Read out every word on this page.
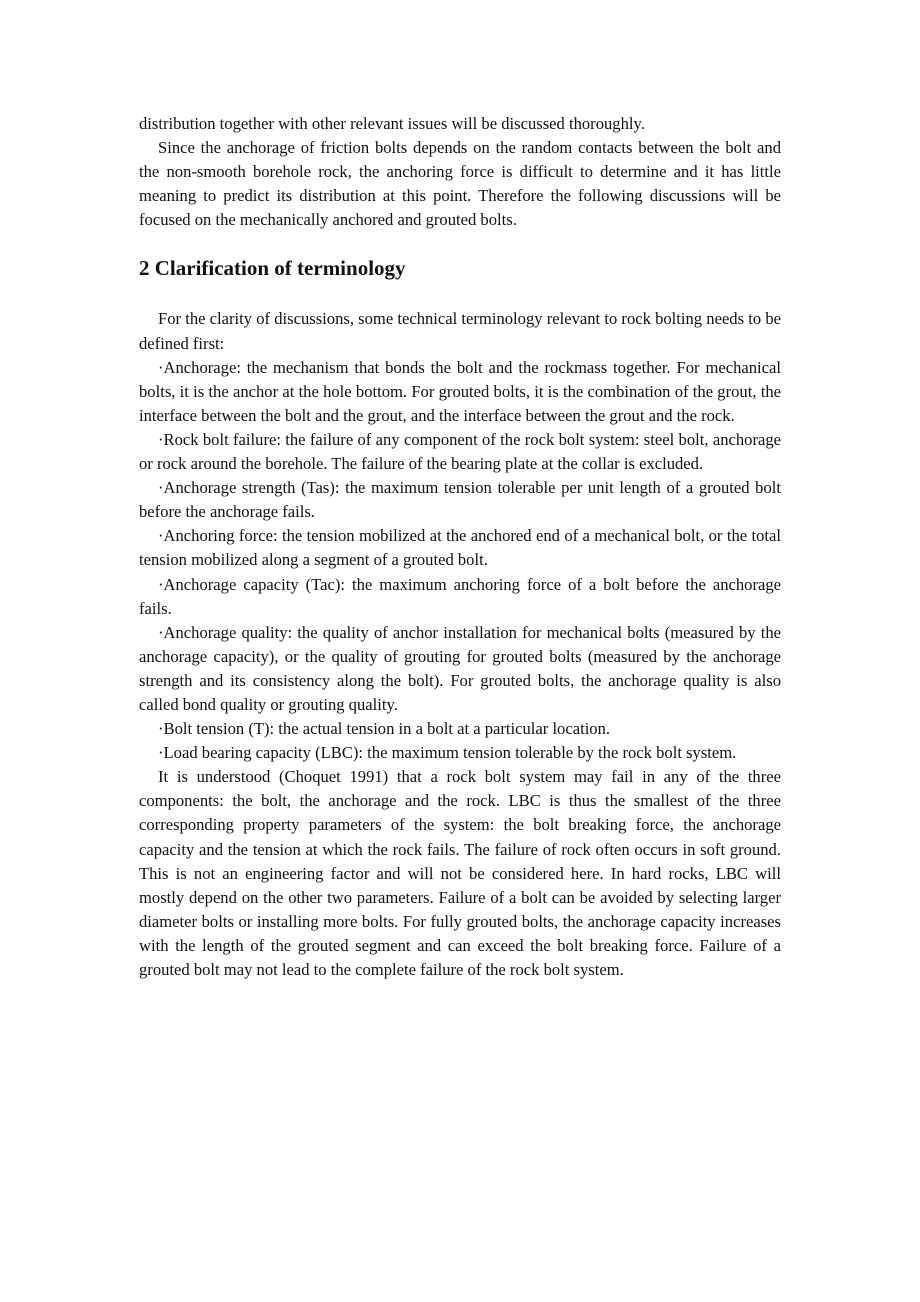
distribution together with other relevant issues will be discussed thoroughly.

Since the anchorage of friction bolts depends on the random contacts between the bolt and the non-smooth borehole rock, the anchoring force is difficult to determine and it has little meaning to predict its distribution at this point. Therefore the following discussions will be focused on the mechanically anchored and grouted bolts.

2 Clarification of terminology

For the clarity of discussions, some technical terminology relevant to rock bolting needs to be defined first:

·Anchorage: the mechanism that bonds the bolt and the rockmass together. For mechanical bolts, it is the anchor at the hole bottom. For grouted bolts, it is the combination of the grout, the interface between the bolt and the grout, and the interface between the grout and the rock.

·Rock bolt failure: the failure of any component of the rock bolt system: steel bolt, anchorage or rock around the borehole. The failure of the bearing plate at the collar is excluded.

·Anchorage strength (Tas): the maximum tension tolerable per unit length of a grouted bolt before the anchorage fails.

·Anchoring force: the tension mobilized at the anchored end of a mechanical bolt, or the total tension mobilized along a segment of a grouted bolt.

·Anchorage capacity (Tac): the maximum anchoring force of a bolt before the anchorage fails.

·Anchorage quality: the quality of anchor installation for mechanical bolts (measured by the anchorage capacity), or the quality of grouting for grouted bolts (measured by the anchorage strength and its consistency along the bolt). For grouted bolts, the anchorage quality is also called bond quality or grouting quality.

·Bolt tension (T): the actual tension in a bolt at a particular location.

·Load bearing capacity (LBC): the maximum tension tolerable by the rock bolt system.

It is understood (Choquet 1991) that a rock bolt system may fail in any of the three components: the bolt, the anchorage and the rock. LBC is thus the smallest of the three corresponding property parameters of the system: the bolt breaking force, the anchorage capacity and the tension at which the rock fails. The failure of rock often occurs in soft ground. This is not an engineering factor and will not be considered here. In hard rocks, LBC will mostly depend on the other two parameters. Failure of a bolt can be avoided by selecting larger diameter bolts or installing more bolts. For fully grouted bolts, the anchorage capacity increases with the length of the grouted segment and can exceed the bolt breaking force. Failure of a grouted bolt may not lead to the complete failure of the rock bolt system.
